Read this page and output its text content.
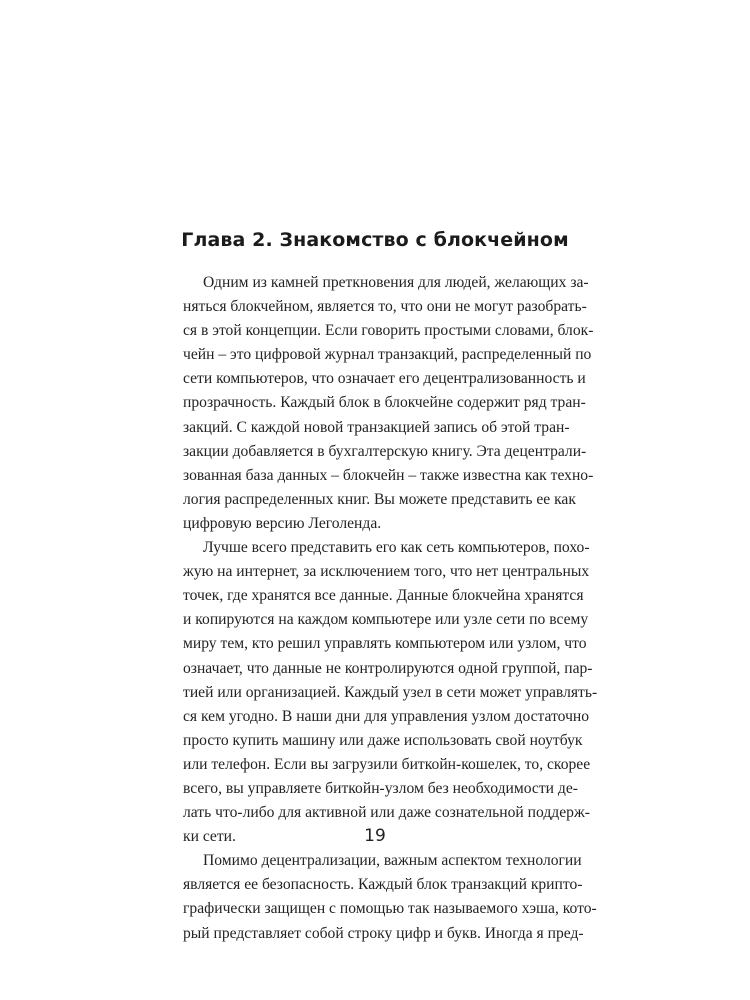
Глава 2. Знакомство с блокчейном
Одним из камней преткновения для людей, желающих за-
няться блокчейном, является то, что они не могут разобрать-
ся в этой концепции. Если говорить простыми словами, блок-
чейн – это цифровой журнал транзакций, распределенный по
сети компьютеров, что означает его децентрализованность и
прозрачность. Каждый блок в блокчейне содержит ряд тран-
закций. С каждой новой транзакцией запись об этой тран-
закции добавляется в бухгалтерскую книгу. Эта децентрали-
зованная база данных – блокчейн – также известна как техно-
логия распределенных книг. Вы можете представить ее как
цифровую версию Леголенда.
Лучше всего представить его как сеть компьютеров, похо-
жую на интернет, за исключением того, что нет центральных
точек, где хранятся все данные. Данные блокчейна хранятся
и копируются на каждом компьютере или узле сети по всему
миру тем, кто решил управлять компьютером или узлом, что
означает, что данные не контролируются одной группой, пар-
тией или организацией. Каждый узел в сети может управлять-
ся кем угодно. В наши дни для управления узлом достаточно
просто купить машину или даже использовать свой ноутбук
или телефон. Если вы загрузили биткойн-кошелек, то, скорее
всего, вы управляете биткойн-узлом без необходимости де-
лать что-либо для активной или даже сознательной поддерж-
ки сети.
Помимо децентрализации, важным аспектом технологии
является ее безопасность. Каждый блок транзакций крипто-
графически защищен с помощью так называемого хэша, кото-
рый представляет собой строку цифр и букв. Иногда я пред-
19
